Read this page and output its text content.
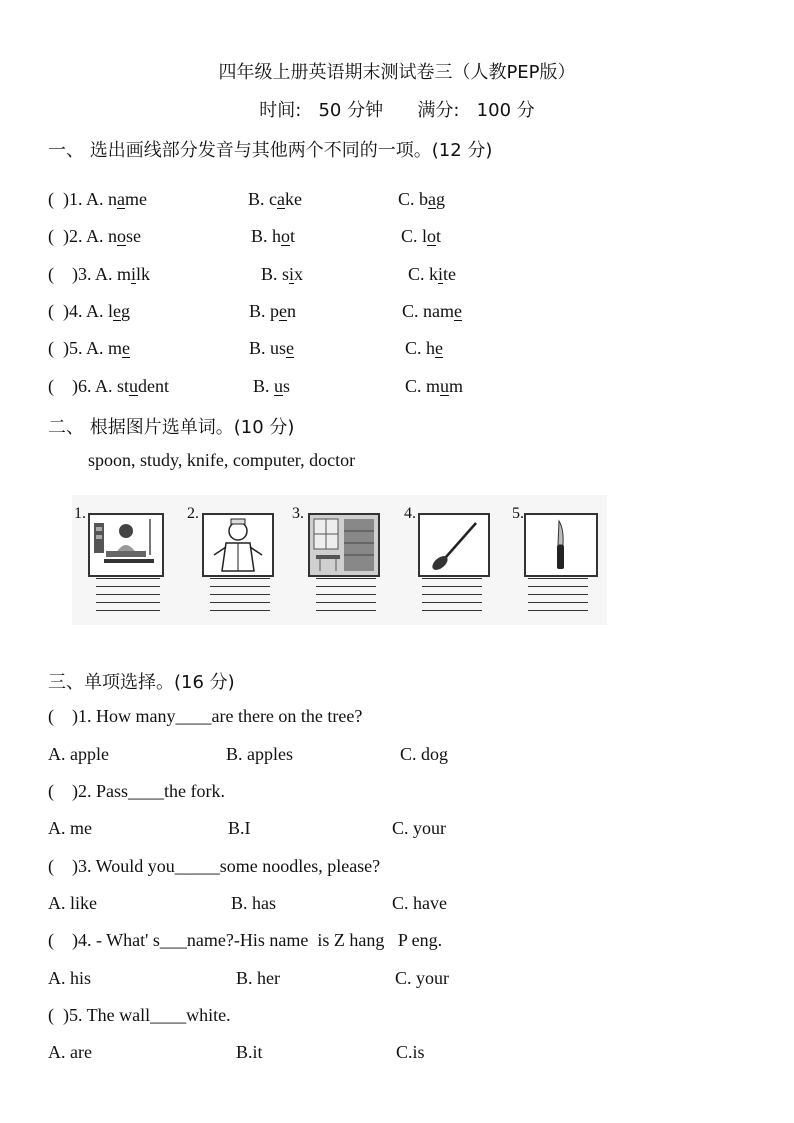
四年级上册英语期末测试卷三（人教PEP版）
时间:   50 分钟      满分:   100 分
一、 选出画线部分发音与其他两个不同的一项。(12 分)
(  )1. A. name	B. cake	C. bag
(  )2. A. nose	B. hot	C. lot
(    )3. A. milk	B. six	C. kite
(  )4. A. leg	B. pen	C. name
(  )5. A. me	B. use	C. he
(    )6. A. student	B. us	C. mum
二、 根据图片选单词。(10 分)
spoon, study, knife, computer, doctor
1.	2.	3.	4.	5.
三、单项选择。(16 分)
(    )1. How many____are there on the tree?
A. apple	B. apples	C. dog
(    )2. Pass____the fork.
A. me	B.I	C. your
(    )3. Would you_____some noodles, please?
A. like	B. has	C. have
(    )4. - What' s___name?-His name  is Z hang   P eng.
A. his	B. her	C. your
(  )5. The wall____white.
A. are	B.it	C.is
